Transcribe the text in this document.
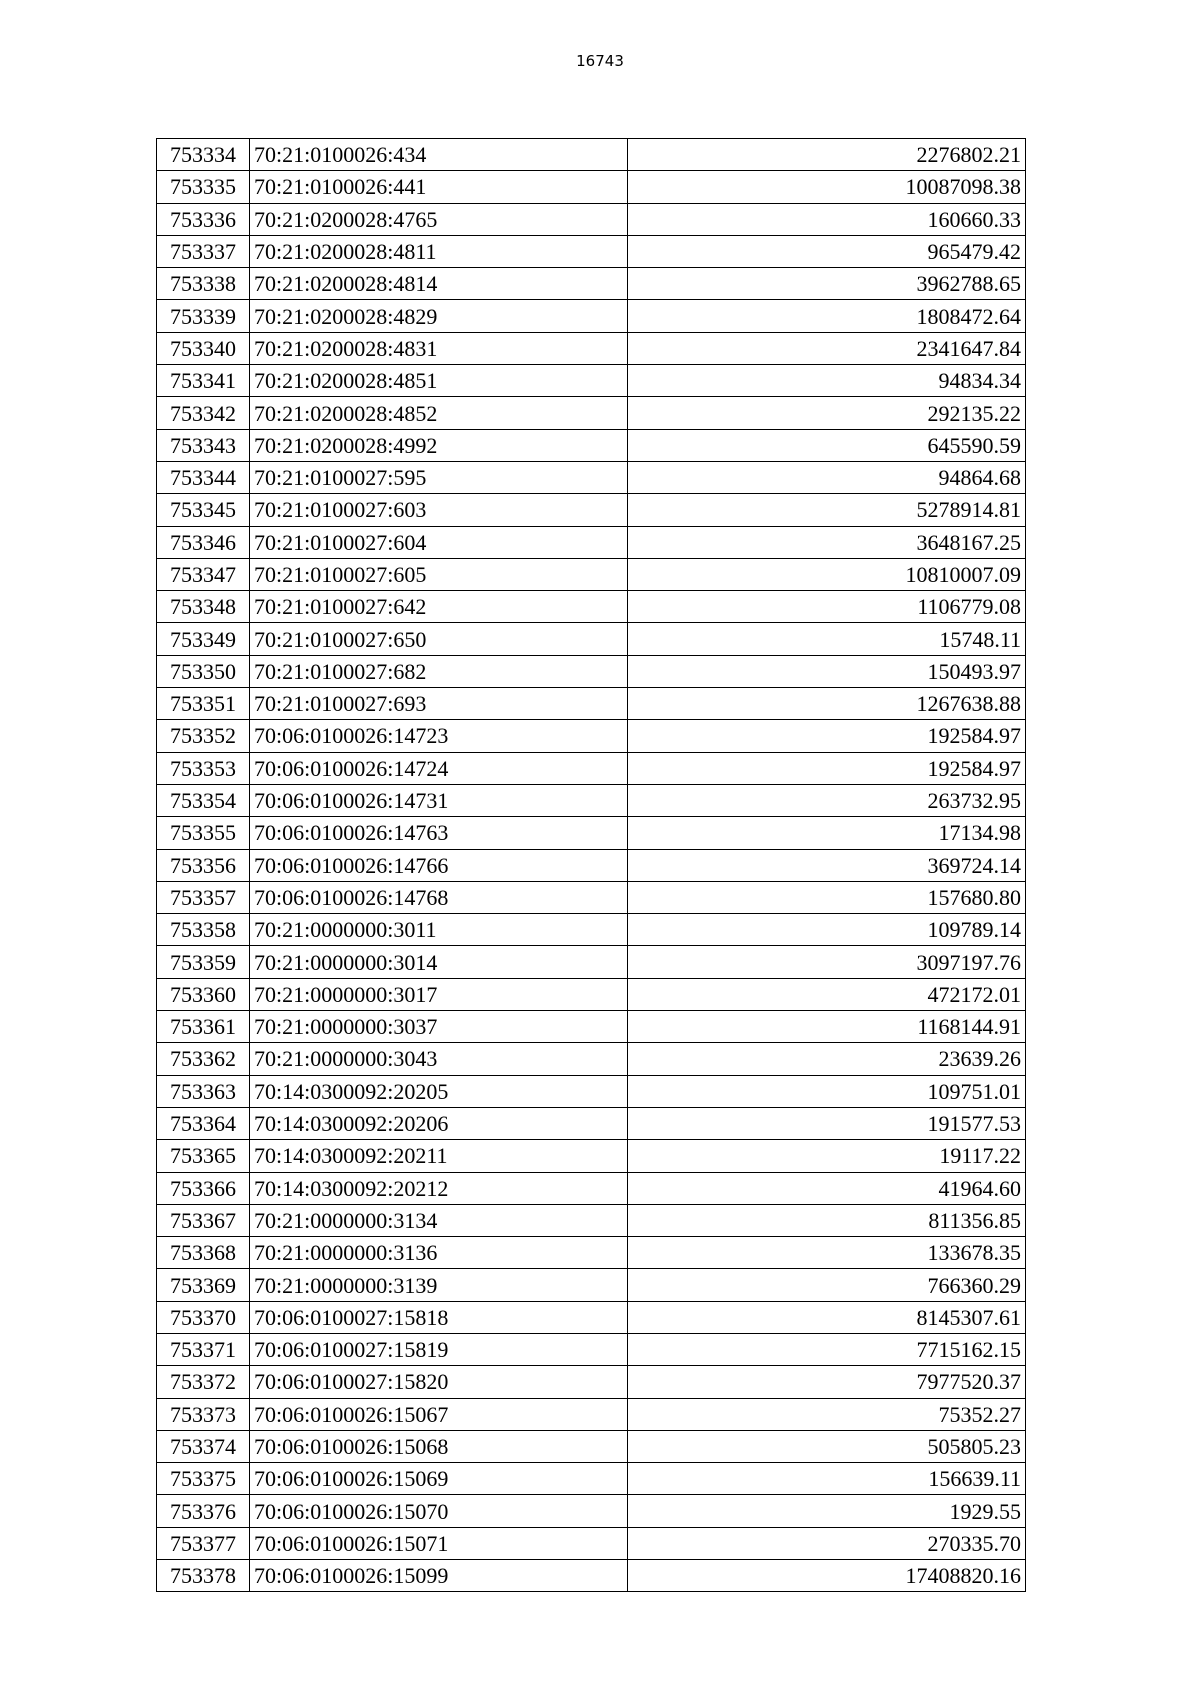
16743
753334	70:21:0100026:434	2276802.21
753335	70:21:0100026:441	10087098.38
753336	70:21:0200028:4765	160660.33
753337	70:21:0200028:4811	965479.42
753338	70:21:0200028:4814	3962788.65
753339	70:21:0200028:4829	1808472.64
753340	70:21:0200028:4831	2341647.84
753341	70:21:0200028:4851	94834.34
753342	70:21:0200028:4852	292135.22
753343	70:21:0200028:4992	645590.59
753344	70:21:0100027:595	94864.68
753345	70:21:0100027:603	5278914.81
753346	70:21:0100027:604	3648167.25
753347	70:21:0100027:605	10810007.09
753348	70:21:0100027:642	1106779.08
753349	70:21:0100027:650	15748.11
753350	70:21:0100027:682	150493.97
753351	70:21:0100027:693	1267638.88
753352	70:06:0100026:14723	192584.97
753353	70:06:0100026:14724	192584.97
753354	70:06:0100026:14731	263732.95
753355	70:06:0100026:14763	17134.98
753356	70:06:0100026:14766	369724.14
753357	70:06:0100026:14768	157680.80
753358	70:21:0000000:3011	109789.14
753359	70:21:0000000:3014	3097197.76
753360	70:21:0000000:3017	472172.01
753361	70:21:0000000:3037	1168144.91
753362	70:21:0000000:3043	23639.26
753363	70:14:0300092:20205	109751.01
753364	70:14:0300092:20206	191577.53
753365	70:14:0300092:20211	19117.22
753366	70:14:0300092:20212	41964.60
753367	70:21:0000000:3134	811356.85
753368	70:21:0000000:3136	133678.35
753369	70:21:0000000:3139	766360.29
753370	70:06:0100027:15818	8145307.61
753371	70:06:0100027:15819	7715162.15
753372	70:06:0100027:15820	7977520.37
753373	70:06:0100026:15067	75352.27
753374	70:06:0100026:15068	505805.23
753375	70:06:0100026:15069	156639.11
753376	70:06:0100026:15070	1929.55
753377	70:06:0100026:15071	270335.70
753378	70:06:0100026:15099	17408820.16
